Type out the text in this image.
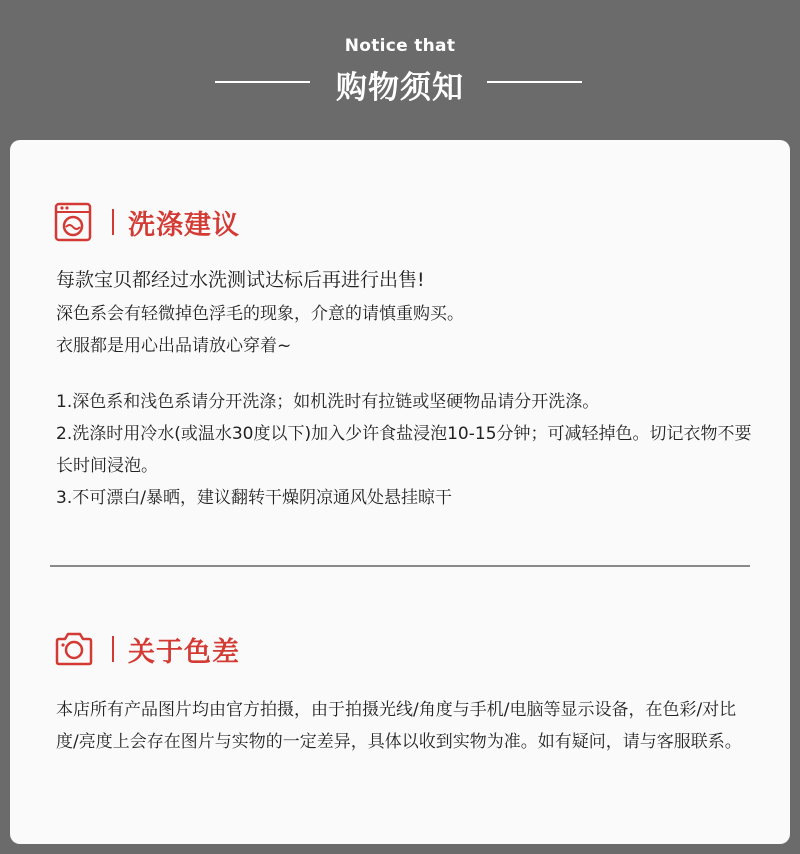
Notice that
购物须知
洗涤建议
每款宝贝都经过水洗测试达标后再进行出售!
深色系会有轻微掉色浮毛的现象，介意的请慎重购买。
衣服都是用心出品请放心穿着~
1.深色系和浅色系请分开洗涤；如机洗时有拉链或坚硬物品请分开洗涤。
2.洗涤时用冷水(或温水30度以下)加入少许食盐浸泡10-15分钟；可减轻掉色。切记衣物不要长时间浸泡。
3.不可漂白/暴晒，建议翻转干燥阴凉通风处悬挂晾干
关于色差
本店所有产品图片均由官方拍摄，由于拍摄光线/角度与手机/电脑等显示设备，在色彩/对比度/亮度上会存在图片与实物的一定差异，具体以收到实物为准。如有疑问，请与客服联系。
